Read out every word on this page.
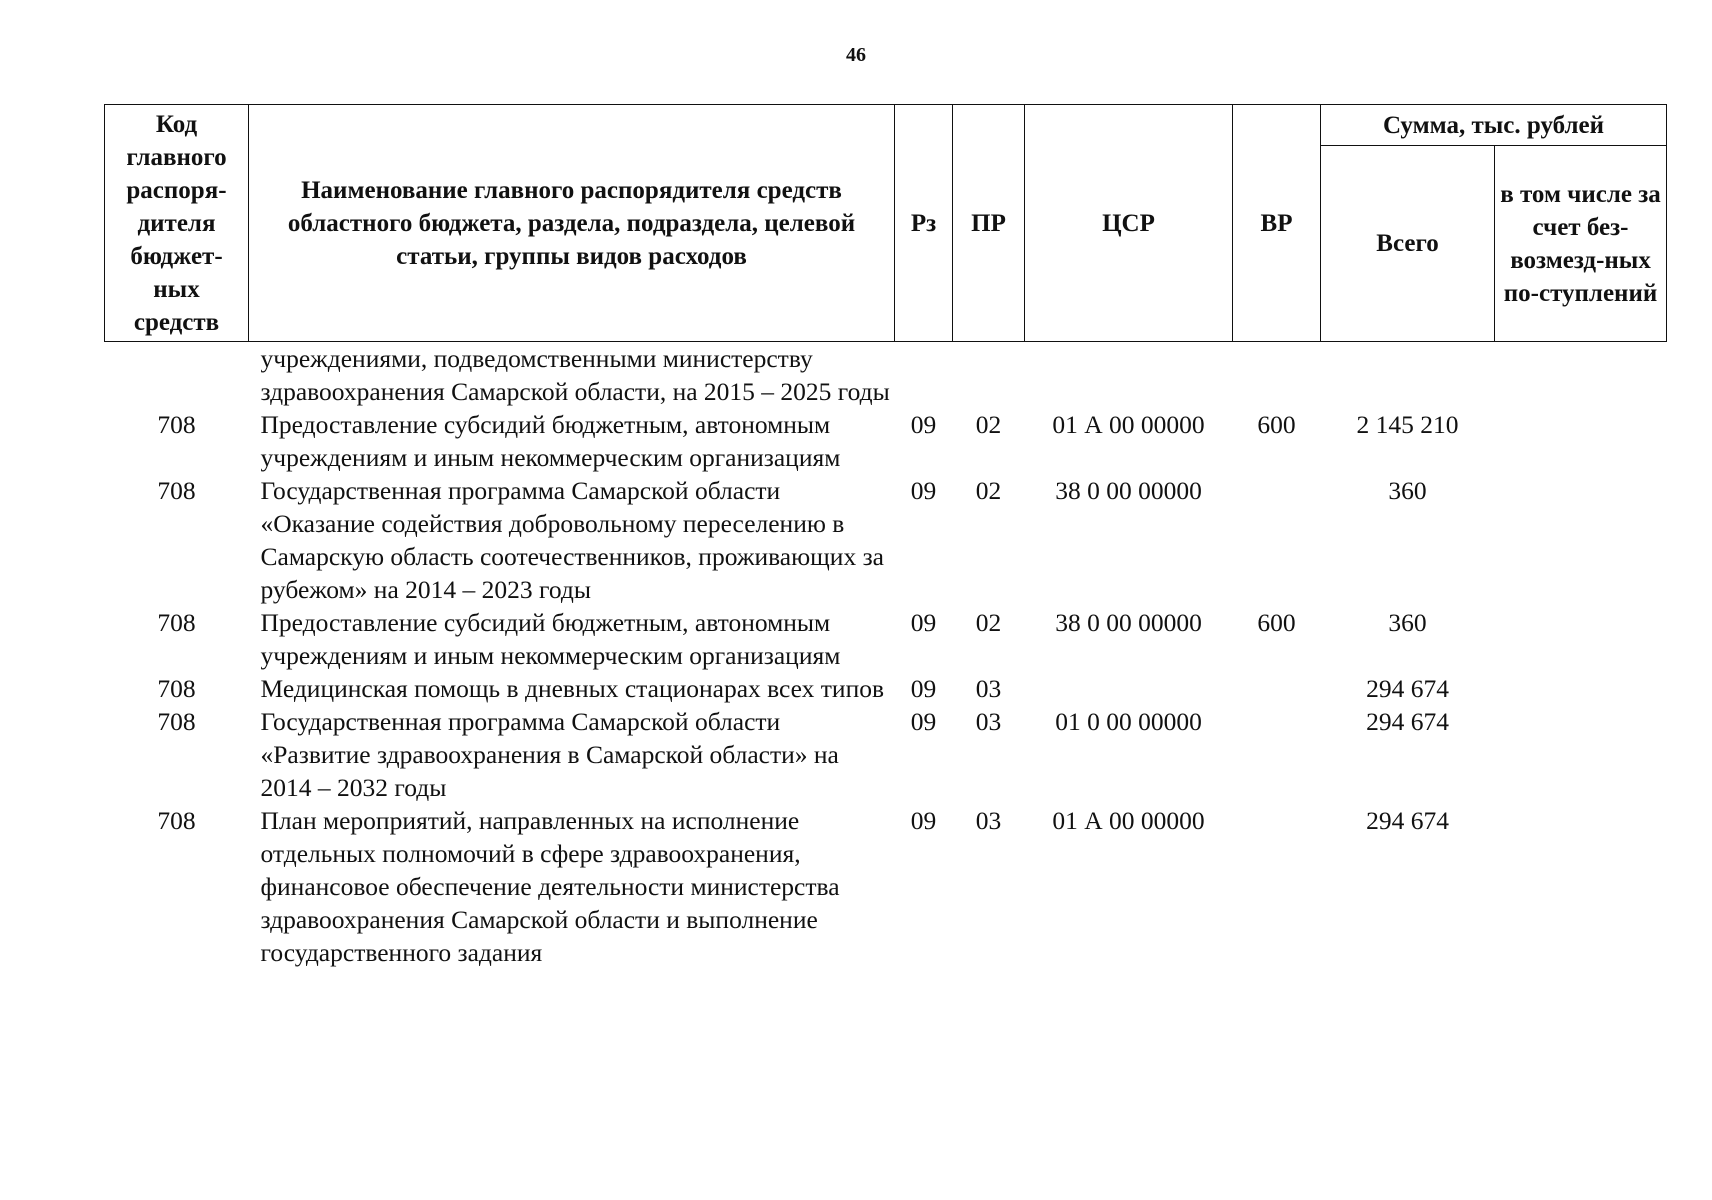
46
Код главного распоря-дителя бюджет-ных средств	Наименование главного распорядителя средств областного бюджета, раздела, подраздела, целевой статьи, группы видов расходов	Рз	ПР	ЦСР	ВР	Сумма, тыс. рублей	
						Всего	в том числе за счет без-возмезд-ных по-ступлений
	учреждениями, подведомственными министерству здравоохранения Самарской области, на 2015 – 2025 годы						
708	Предоставление субсидий бюджетным, автономным учреждениям и иным некоммерческим организациям	09	02	01 А 00 00000	600	2 145 210	
708	Государственная программа Самарской области «Оказание содействия добровольному переселению в Самарскую область соотечественников, проживающих за рубежом» на 2014 – 2023 годы	09	02	38 0 00 00000		360	
708	Предоставление субсидий бюджетным, автономным учреждениям и иным некоммерческим организациям	09	02	38 0 00 00000	600	360	
708	Медицинская помощь в дневных стационарах всех типов	09	03			294 674	
708	Государственная программа Самарской области «Развитие здравоохранения в Самарской области» на 2014 – 2032 годы	09	03	01 0 00 00000		294 674	
708	План мероприятий, направленных на исполнение отдельных полномочий в сфере здравоохранения, финансовое обеспечение деятельности министерства здравоохранения Самарской области и выполнение государственного задания	09	03	01 А 00 00000		294 674	
